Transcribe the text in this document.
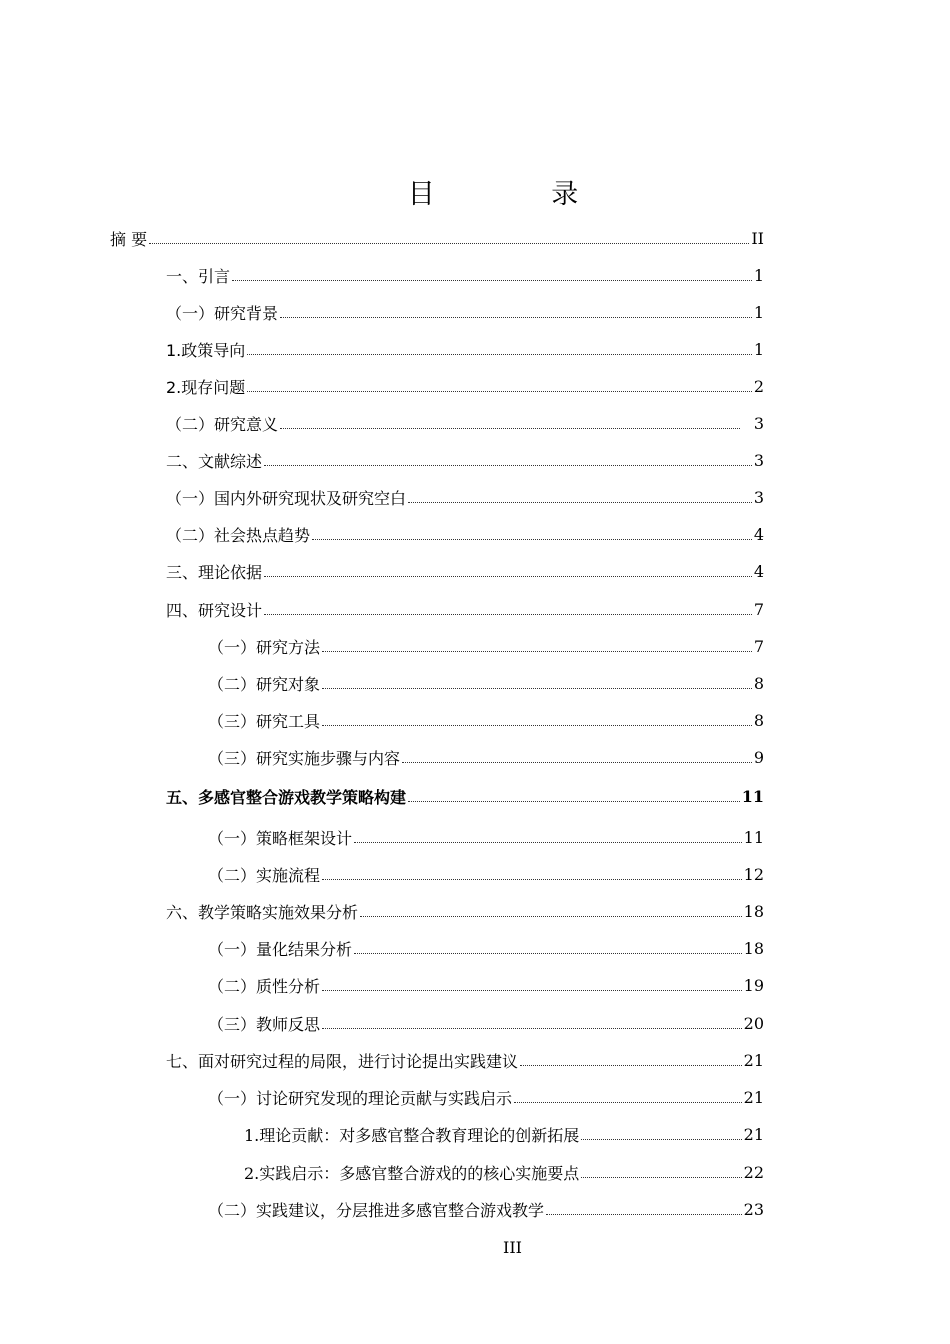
目 录
摘 要	II
一、引言	1
（一）研究背景	1
1.政策导向	1
2.现存问题	2
（二）研究意义	3
二、文献综述	3
（一）国内外研究现状及研究空白	3
（二）社会热点趋势	4
三、理论依据	4
四、研究设计	7
（一）研究方法	7
（二）研究对象	8
（三）研究工具	8
（三）研究实施步骤与内容	9
五、多感官整合游戏教学策略构建	11
（一）策略框架设计	11
（二）实施流程	12
六、教学策略实施效果分析	18
（一）量化结果分析	18
（二）质性分析	19
（三）教师反思	20
七、面对研究过程的局限，进行讨论提出实践建议	21
（一）讨论研究发现的理论贡献与实践启示	21
1.理论贡献：对多感官整合教育理论的创新拓展	21
2.实践启示：多感官整合游戏的的核心实施要点	22
（二）实践建议，分层推进多感官整合游戏教学	23
III
